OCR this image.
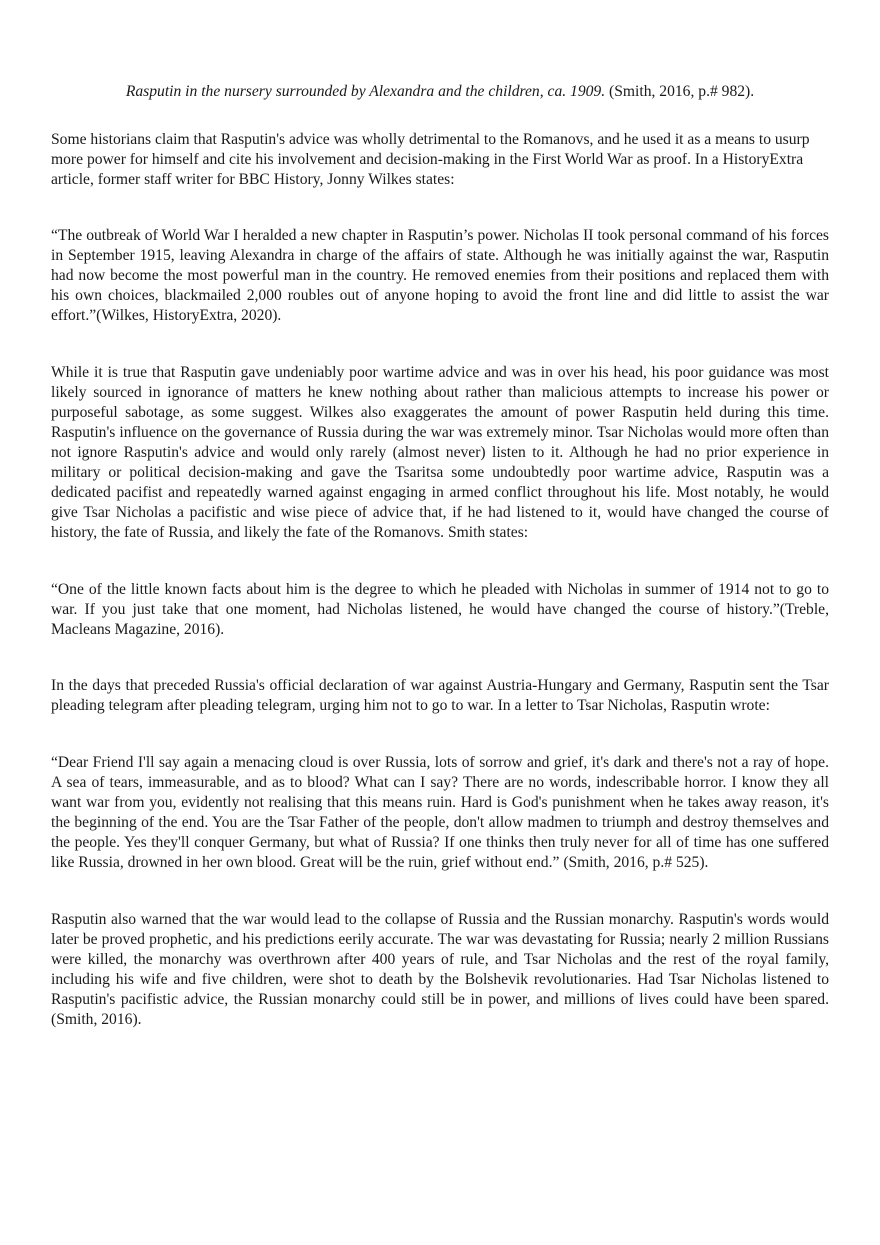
Rasputin in the nursery surrounded by Alexandra and the children, ca. 1909. (Smith, 2016, p.# 982).

Some historians claim that Rasputin's advice was wholly detrimental to the Romanovs, and he used it as a means to usurp more power for himself and cite his involvement and decision-making in the First World War as proof. In a HistoryExtra article, former staff writer for BBC History, Jonny Wilkes states:

“The outbreak of World War I heralded a new chapter in Rasputin’s power. Nicholas II took personal command of his forces in September 1915, leaving Alexandra in charge of the affairs of state. Although he was initially against the war, Rasputin had now become the most powerful man in the country. He removed enemies from their positions and replaced them with his own choices, blackmailed 2,000 roubles out of anyone hoping to avoid the front line and did little to assist the war effort.”(Wilkes, HistoryExtra, 2020).

While it is true that Rasputin gave undeniably poor wartime advice and was in over his head, his poor guidance was most likely sourced in ignorance of matters he knew nothing about rather than malicious attempts to increase his power or purposeful sabotage, as some suggest. Wilkes also exaggerates the amount of power Rasputin held during this time. Rasputin's influence on the governance of Russia during the war was extremely minor. Tsar Nicholas would more often than not ignore Rasputin's advice and would only rarely (almost never) listen to it. Although he had no prior experience in military or political decision-making and gave the Tsaritsa some undoubtedly poor wartime advice, Rasputin was a dedicated pacifist and repeatedly warned against engaging in armed conflict throughout his life. Most notably, he would give Tsar Nicholas a pacifistic and wise piece of advice that, if he had listened to it, would have changed the course of history, the fate of Russia, and likely the fate of the Romanovs. Smith states:

“One of the little known facts about him is the degree to which he pleaded with Nicholas in summer of 1914 not to go to war. If you just take that one moment, had Nicholas listened, he would have changed the course of history.”(Treble, Macleans Magazine, 2016).

In the days that preceded Russia's official declaration of war against Austria-Hungary and Germany, Rasputin sent the Tsar pleading telegram after pleading telegram, urging him not to go to war. In a letter to Tsar Nicholas, Rasputin wrote:

“Dear Friend I'll say again a menacing cloud is over Russia, lots of sorrow and grief, it's dark and there's not a ray of hope. A sea of tears, immeasurable, and as to blood? What can I say? There are no words, indescribable horror. I know they all want war from you, evidently not realising that this means ruin. Hard is God's punishment when he takes away reason, it's the beginning of the end. You are the Tsar Father of the people, don't allow madmen to triumph and destroy themselves and the people. Yes they'll conquer Germany, but what of Russia? If one thinks then truly never for all of time has one suffered like Russia, drowned in her own blood. Great will be the ruin, grief without end.” (Smith, 2016, p.# 525).

Rasputin also warned that the war would lead to the collapse of Russia and the Russian monarchy. Rasputin's words would later be proved prophetic, and his predictions eerily accurate. The war was devastating for Russia; nearly 2 million Russians were killed, the monarchy was overthrown after 400 years of rule, and Tsar Nicholas and the rest of the royal family, including his wife and five children, were shot to death by the Bolshevik revolutionaries. Had Tsar Nicholas listened to Rasputin's pacifistic advice, the Russian monarchy could still be in power, and millions of lives could have been spared. (Smith, 2016).
